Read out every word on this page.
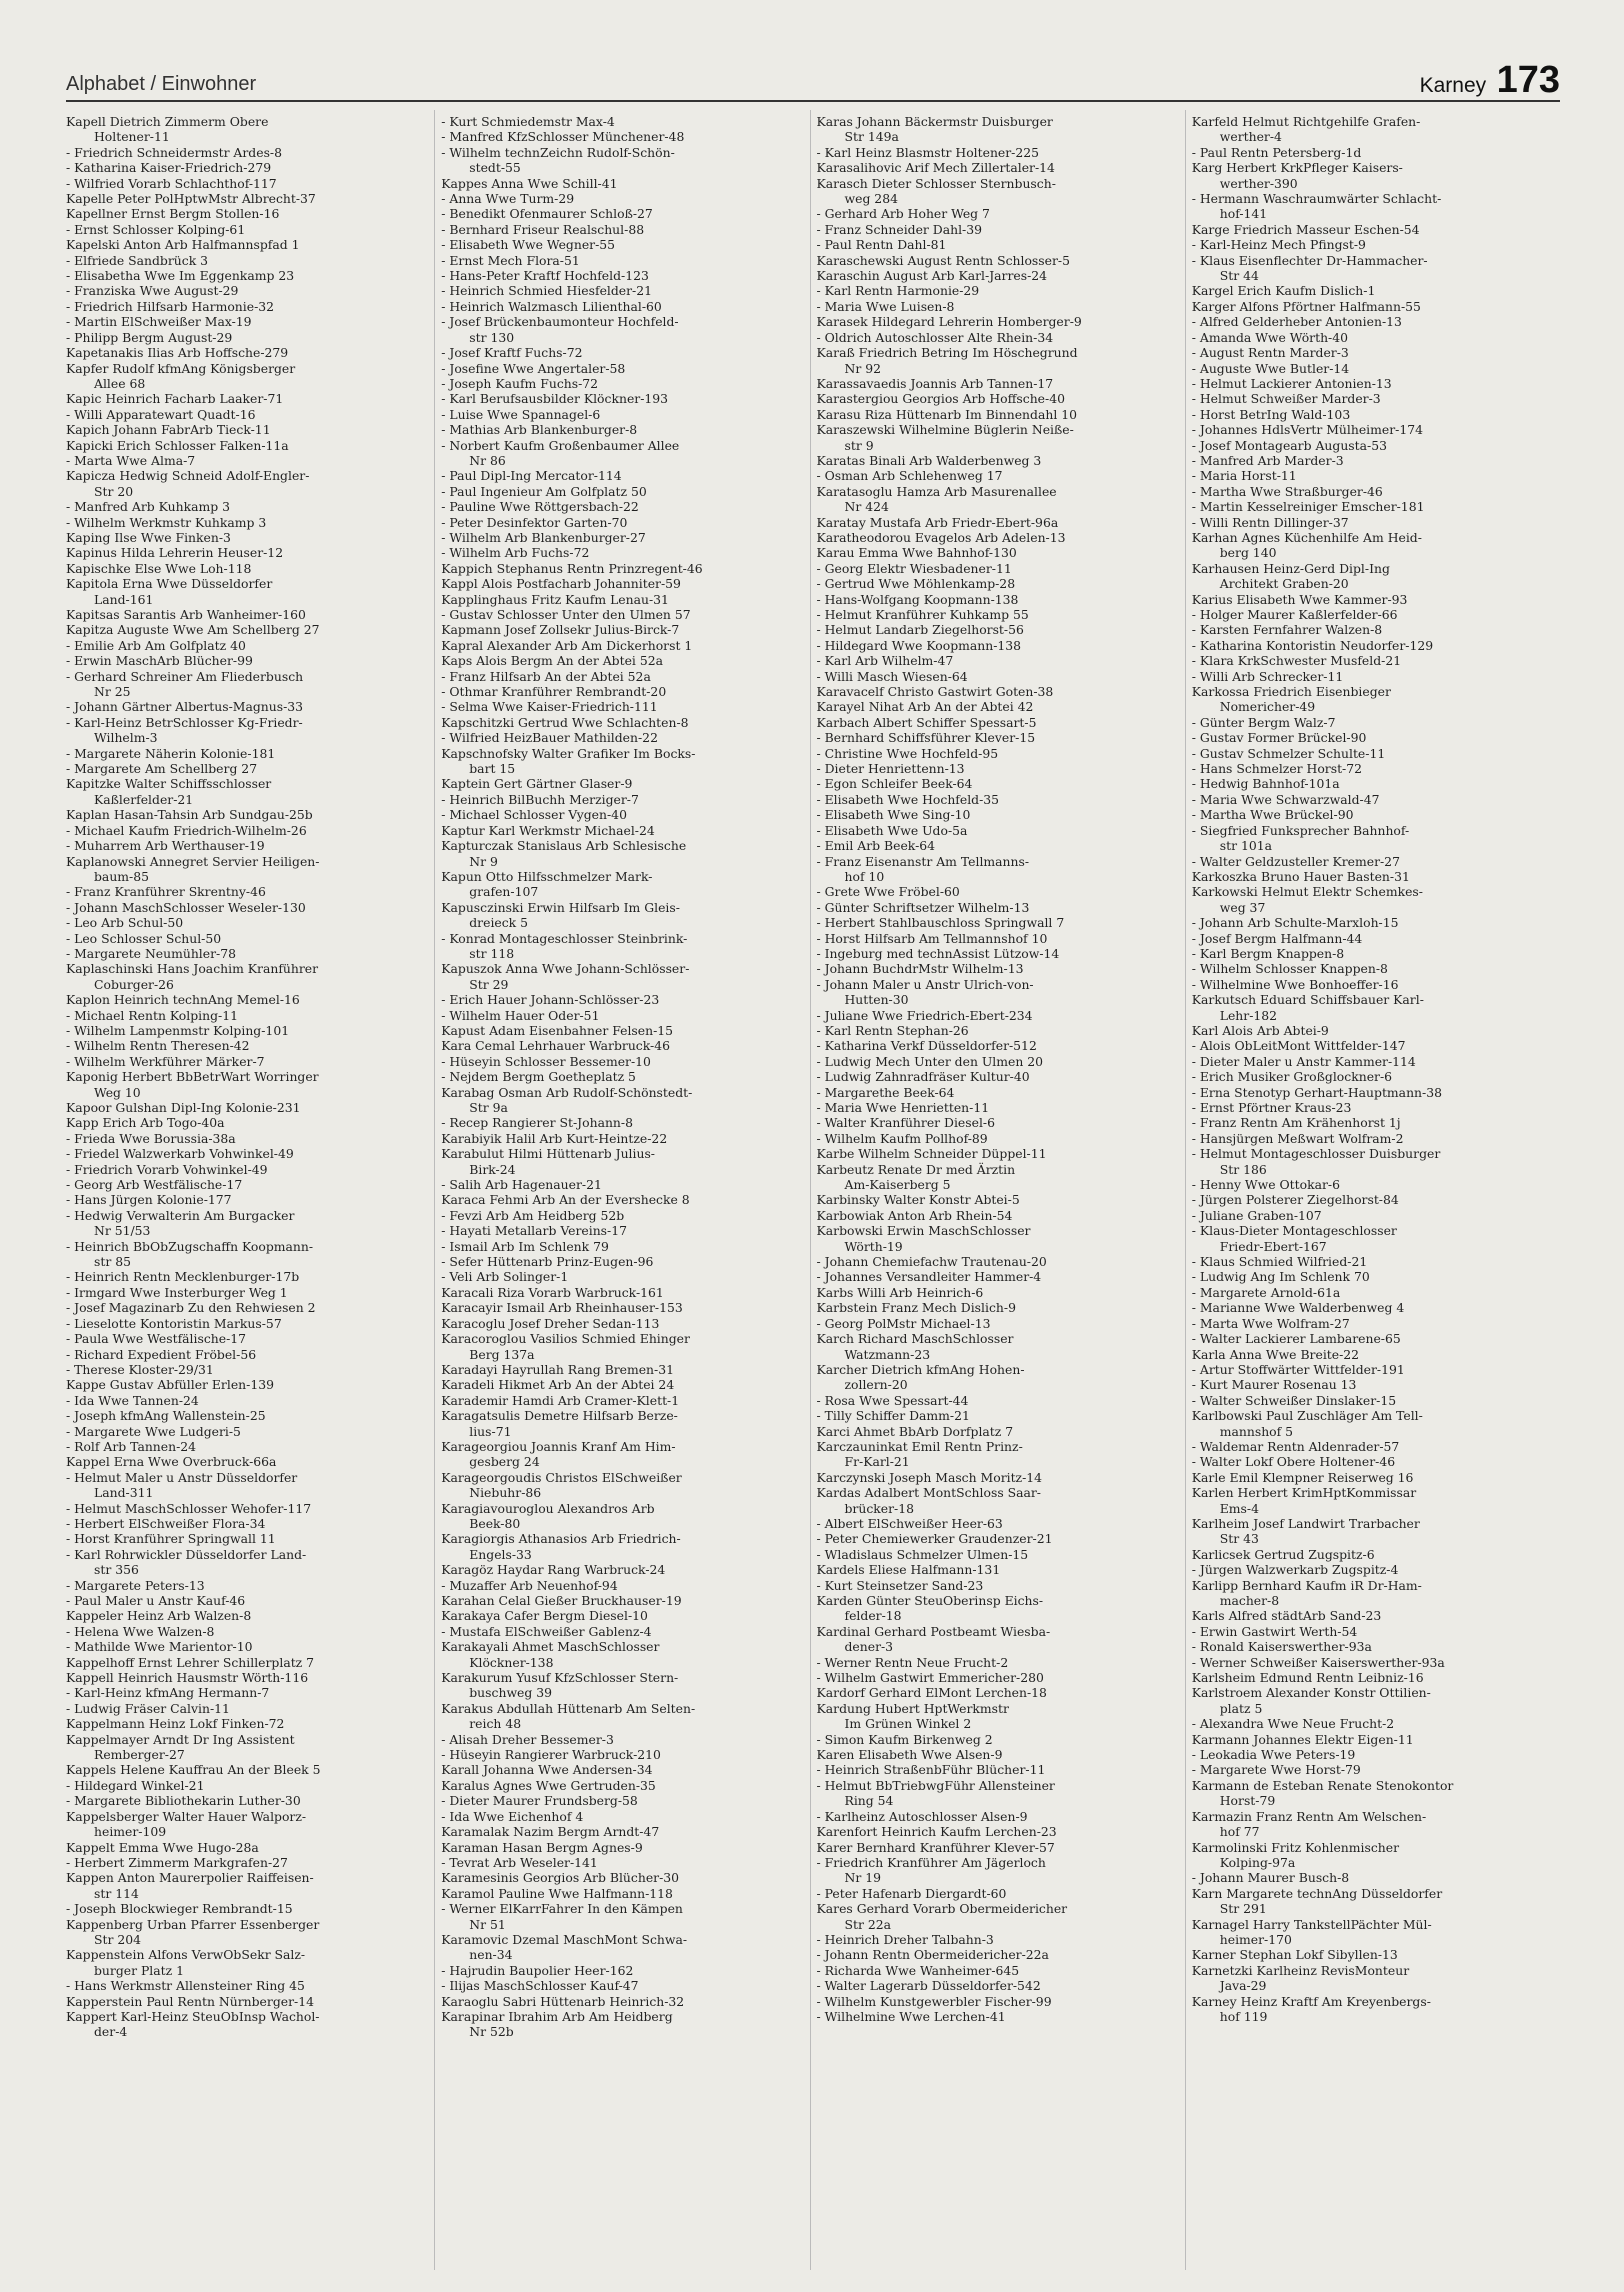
Alphabet / Einwohner	Karney 173
Kapell Dietrich Zimmerm Obere
Holtener-11
- Friedrich Schneidermstr Ardes-8
- Katharina Kaiser-Friedrich-279
- Wilfried Vorarb Schlachthof-117
Kapelle Peter PolHptwMstr Albrecht-37
Kapellner Ernst Bergm Stollen-16
- Ernst Schlosser Kolping-61
Kapelski Anton Arb Halfmannspfad 1
- Elfriede Sandbrück 3
- Elisabetha Wwe Im Eggenkamp 23
- Franziska Wwe August-29
- Friedrich Hilfsarb Harmonie-32
- Martin ElSchweißer Max-19
- Philipp Bergm August-29
Kapetanakis Ilias Arb Hoffsche-279
Kapfer Rudolf kfmAng Königsberger
Allee 68
Kapic Heinrich Facharb Laaker-71
- Willi Apparatewart Quadt-16
Kapich Johann FabrArb Tieck-11
Kapicki Erich Schlosser Falken-11a
- Marta Wwe Alma-7
Kapicza Hedwig Schneid Adolf-Engler-
Str 20
- Manfred Arb Kuhkamp 3
- Wilhelm Werkmstr Kuhkamp 3
Kaping Ilse Wwe Finken-3
Kapinus Hilda Lehrerin Heuser-12
Kapischke Else Wwe Loh-118
Kapitola Erna Wwe Düsseldorfer
Land-161
Kapitsas Sarantis Arb Wanheimer-160
Kapitza Auguste Wwe Am Schellberg 27
- Emilie Arb Am Golfplatz 40
- Erwin MaschArb Blücher-99
- Gerhard Schreiner Am Fliederbusch
Nr 25
- Johann Gärtner Albertus-Magnus-33
- Karl-Heinz BetrSchlosser Kg-Friedr-
Wilhelm-3
- Margarete Näherin Kolonie-181
- Margarete Am Schellberg 27
Kapitzke Walter Schiffsschlosser
Kaßlerfelder-21
Kaplan Hasan-Tahsin Arb Sundgau-25b
- Michael Kaufm Friedrich-Wilhelm-26
- Muharrem Arb Werthauser-19
Kaplanowski Annegret Servier Heiligen-
baum-85
- Franz Kranführer Skrentny-46
- Johann MaschSchlosser Weseler-130
- Leo Arb Schul-50
- Leo Schlosser Schul-50
- Margarete Neumühler-78
Kaplaschinski Hans Joachim Kranführer
Coburger-26
Kaplon Heinrich technAng Memel-16
- Michael Rentn Kolping-11
- Wilhelm Lampenmstr Kolping-101
- Wilhelm Rentn Theresen-42
- Wilhelm Werkführer Märker-7
Kaponig Herbert BbBetrWart Worringer
Weg 10
Kapoor Gulshan Dipl-Ing Kolonie-231
Kapp Erich Arb Togo-40a
- Frieda Wwe Borussia-38a
- Friedel Walzwerkarb Vohwinkel-49
- Friedrich Vorarb Vohwinkel-49
- Georg Arb Westfälische-17
- Hans Jürgen Kolonie-177
- Hedwig Verwalterin Am Burgacker
Nr 51/53
- Heinrich BbObZugschaffn Koopmann-
str 85
- Heinrich Rentn Mecklenburger-17b
- Irmgard Wwe Insterburger Weg 1
- Josef Magazinarb Zu den Rehwiesen 2
- Lieselotte Kontoristin Markus-57
- Paula Wwe Westfälische-17
- Richard Expedient Fröbel-56
- Therese Kloster-29/31
Kappe Gustav Abfüller Erlen-139
- Ida Wwe Tannen-24
- Joseph kfmAng Wallenstein-25
- Margarete Wwe Ludgeri-5
- Rolf Arb Tannen-24
Kappel Erna Wwe Overbruck-66a
- Helmut Maler u Anstr Düsseldorfer
Land-311
- Helmut MaschSchlosser Wehofer-117
- Herbert ElSchweißer Flora-34
- Horst Kranführer Springwall 11
- Karl Rohrwickler Düsseldorfer Land-
str 356
- Margarete Peters-13
- Paul Maler u Anstr Kauf-46
Kappeler Heinz Arb Walzen-8
- Helena Wwe Walzen-8
- Mathilde Wwe Marientor-10
Kappelhoff Ernst Lehrer Schillerplatz 7
Kappell Heinrich Hausmstr Wörth-116
- Karl-Heinz kfmAng Hermann-7
- Ludwig Fräser Calvin-11
Kappelmann Heinz Lokf Finken-72
Kappelmayer Arndt Dr Ing Assistent
Remberger-27
Kappels Helene Kauffrau An der Bleek 5
- Hildegard Winkel-21
- Margarete Bibliothekarin Luther-30
Kappelsberger Walter Hauer Walporz-
heimer-109
Kappelt Emma Wwe Hugo-28a
- Herbert Zimmerm Markgrafen-27
Kappen Anton Maurerpolier Raiffeisen-
str 114
- Joseph Blockwieger Rembrandt-15
Kappenberg Urban Pfarrer Essenberger
Str 204
Kappenstein Alfons VerwObSekr Salz-
burger Platz 1
- Hans Werkmstr Allensteiner Ring 45
Kapperstein Paul Rentn Nürnberger-14
Kappert Karl-Heinz SteuObInsp Wachol-
der-4
- Kurt Schmiedemstr Max-4
- Manfred KfzSchlosser Münchener-48
- Wilhelm technZeichn Rudolf-Schön-
stedt-55
Kappes Anna Wwe Schill-41
- Anna Wwe Turm-29
- Benedikt Ofenmaurer Schloß-27
- Bernhard Friseur Realschul-88
- Elisabeth Wwe Wegner-55
- Ernst Mech Flora-51
- Hans-Peter Kraftf Hochfeld-123
- Heinrich Schmied Hiesfelder-21
- Heinrich Walzmasch Lilienthal-60
- Josef Brückenbaumonteur Hochfeld-
str 130
- Josef Kraftf Fuchs-72
- Josefine Wwe Angertaler-58
- Joseph Kaufm Fuchs-72
- Karl Berufsausbilder Klöckner-193
- Luise Wwe Spannagel-6
- Mathias Arb Blankenburger-8
- Norbert Kaufm Großenbaumer Allee
Nr 86
- Paul Dipl-Ing Mercator-114
- Paul Ingenieur Am Golfplatz 50
- Pauline Wwe Röttgersbach-22
- Peter Desinfektor Garten-70
- Wilhelm Arb Blankenburger-27
- Wilhelm Arb Fuchs-72
Kappich Stephanus Rentn Prinzregent-46
Kappl Alois Postfacharb Johanniter-59
Kapplinghaus Fritz Kaufm Lenau-31
- Gustav Schlosser Unter den Ulmen 57
Kapmann Josef Zollsekr Julius-Birck-7
Kapral Alexander Arb Am Dickerhorst 1
Kaps Alois Bergm An der Abtei 52a
- Franz Hilfsarb An der Abtei 52a
- Othmar Kranführer Rembrandt-20
- Selma Wwe Kaiser-Friedrich-111
Kapschitzki Gertrud Wwe Schlachten-8
- Wilfried HeizBauer Mathilden-22
Kapschnofsky Walter Grafiker Im Bocks-
bart 15
Kaptein Gert Gärtner Glaser-9
- Heinrich BilBuchh Merziger-7
- Michael Schlosser Vygen-40
Kaptur Karl Werkmstr Michael-24
Kapturczak Stanislaus Arb Schlesische
Nr 9
Kapun Otto Hilfsschmelzer Mark-
grafen-107
Kapusczinski Erwin Hilfsarb Im Gleis-
dreieck 5
- Konrad Montageschlosser Steinbrink-
str 118
Kapuszok Anna Wwe Johann-Schlösser-
Str 29
- Erich Hauer Johann-Schlösser-23
- Wilhelm Hauer Oder-51
Kapust Adam Eisenbahner Felsen-15
Kara Cemal Lehrhauer Warbruck-46
- Hüseyin Schlosser Bessemer-10
- Nejdem Bergm Goetheplatz 5
Karabag Osman Arb Rudolf-Schönstedt-
Str 9a
- Recep Rangierer St-Johann-8
Karabiyik Halil Arb Kurt-Heintze-22
Karabulut Hilmi Hüttenarb Julius-
Birk-24
- Salih Arb Hagenauer-21
Karaca Fehmi Arb An der Evershecke 8
- Fevzi Arb Am Heidberg 52b
- Hayati Metallarb Vereins-17
- Ismail Arb Im Schlenk 79
- Sefer Hüttenarb Prinz-Eugen-96
- Veli Arb Solinger-1
Karacali Riza Vorarb Warbruck-161
Karacayir Ismail Arb Rheinhauser-153
Karacoglu Josef Dreher Sedan-113
Karacoroglou Vasilios Schmied Ehinger
Berg 137a
Karadayi Hayrullah Rang Bremen-31
Karadeli Hikmet Arb An der Abtei 24
Karademir Hamdi Arb Cramer-Klett-1
Karagatsulis Demetre Hilfsarb Berze-
lius-71
Karageorgiou Joannis Kranf Am Him-
gesberg 24
Karageorgoudis Christos ElSchweißer
Niebuhr-86
Karagiavouroglou Alexandros Arb
Beek-80
Karagiorgis Athanasios Arb Friedrich-
Engels-33
Karagöz Haydar Rang Warbruck-24
- Muzaffer Arb Neuenhof-94
Karahan Celal Gießer Bruckhauser-19
Karakaya Cafer Bergm Diesel-10
- Mustafa ElSchweißer Gablenz-4
Karakayali Ahmet MaschSchlosser
Klöckner-138
Karakurum Yusuf KfzSchlosser Stern-
buschweg 39
Karakus Abdullah Hüttenarb Am Selten-
reich 48
- Alisah Dreher Bessemer-3
- Hüseyin Rangierer Warbruck-210
Karall Johanna Wwe Andersen-34
Karalus Agnes Wwe Gertruden-35
- Dieter Maurer Frundsberg-58
- Ida Wwe Eichenhof 4
Karamalak Nazim Bergm Arndt-47
Karaman Hasan Bergm Agnes-9
- Tevrat Arb Weseler-141
Karamesinis Georgios Arb Blücher-30
Karamol Pauline Wwe Halfmann-118
- Werner ElKarrFahrer In den Kämpen
Nr 51
Karamovic Dzemal MaschMont Schwa-
nen-34
- Hajrudin Baupolier Heer-162
- Ilijas MaschSchlosser Kauf-47
Karaoglu Sabri Hüttenarb Heinrich-32
Karapinar Ibrahim Arb Am Heidberg
Nr 52b
Karas Johann Bäckermstr Duisburger
Str 149a
- Karl Heinz Blasmstr Holtener-225
Karasalihovic Arif Mech Zillertaler-14
Karasch Dieter Schlosser Sternbusch-
weg 284
- Gerhard Arb Hoher Weg 7
- Franz Schneider Dahl-39
- Paul Rentn Dahl-81
Karaschewski August Rentn Schlosser-5
Karaschin August Arb Karl-Jarres-24
- Karl Rentn Harmonie-29
- Maria Wwe Luisen-8
Karasek Hildegard Lehrerin Homberger-9
- Oldrich Autoschlosser Alte Rhein-34
Karaß Friedrich Betring Im Höschegrund
Nr 92
Karassavaedis Joannis Arb Tannen-17
Karastergiou Georgios Arb Hoffsche-40
Karasu Riza Hüttenarb Im Binnendahl 10
Karaszewski Wilhelmine Büglerin Neiße-
str 9
Karatas Binali Arb Walderbenweg 3
- Osman Arb Schlehenweg 17
Karatasoglu Hamza Arb Masurenallee
Nr 424
Karatay Mustafa Arb Friedr-Ebert-96a
Karatheodorou Evagelos Arb Adelen-13
Karau Emma Wwe Bahnhof-130
- Georg Elektr Wiesbadener-11
- Gertrud Wwe Möhlenkamp-28
- Hans-Wolfgang Koopmann-138
- Helmut Kranführer Kuhkamp 55
- Helmut Landarb Ziegelhorst-56
- Hildegard Wwe Koopmann-138
- Karl Arb Wilhelm-47
- Willi Masch Wiesen-64
Karavacelf Christo Gastwirt Goten-38
Karayel Nihat Arb An der Abtei 42
Karbach Albert Schiffer Spessart-5
- Bernhard Schiffsführer Klever-15
- Christine Wwe Hochfeld-95
- Dieter Henriettenn-13
- Egon Schleifer Beek-64
- Elisabeth Wwe Hochfeld-35
- Elisabeth Wwe Sing-10
- Elisabeth Wwe Udo-5a
- Emil Arb Beek-64
- Franz Eisenanstr Am Tellmanns-
hof 10
- Grete Wwe Fröbel-60
- Günter Schriftsetzer Wilhelm-13
- Herbert Stahlbauschloss Springwall 7
- Horst Hilfsarb Am Tellmannshof 10
- Ingeburg med technAssist Lützow-14
- Johann BuchdrMstr Wilhelm-13
- Johann Maler u Anstr Ulrich-von-
Hutten-30
- Juliane Wwe Friedrich-Ebert-234
- Karl Rentn Stephan-26
- Katharina Verkf Düsseldorfer-512
- Ludwig Mech Unter den Ulmen 20
- Ludwig Zahnradfräser Kultur-40
- Margarethe Beek-64
- Maria Wwe Henrietten-11
- Walter Kranführer Diesel-6
- Wilhelm Kaufm Pollhof-89
Karbe Wilhelm Schneider Düppel-11
Karbeutz Renate Dr med Ärztin
Am-Kaiserberg 5
Karbinsky Walter Konstr Abtei-5
Karbowiak Anton Arb Rhein-54
Karbowski Erwin MaschSchlosser
Wörth-19
- Johann Chemiefachw Trautenau-20
- Johannes Versandleiter Hammer-4
Karbs Willi Arb Heinrich-6
Karbstein Franz Mech Dislich-9
- Georg PolMstr Michael-13
Karch Richard MaschSchlosser
Watzmann-23
Karcher Dietrich kfmAng Hohen-
zollern-20
- Rosa Wwe Spessart-44
- Tilly Schiffer Damm-21
Karci Ahmet BbArb Dorfplatz 7
Karczauninkat Emil Rentn Prinz-
Fr-Karl-21
Karczynski Joseph Masch Moritz-14
Kardas Adalbert MontSchloss Saar-
brücker-18
- Albert ElSchweißer Heer-63
- Peter Chemiewerker Graudenzer-21
- Wladislaus Schmelzer Ulmen-15
Kardels Eliese Halfmann-131
- Kurt Steinsetzer Sand-23
Karden Günter SteuOberinsp Eichs-
felder-18
Kardinal Gerhard Postbeamt Wiesba-
dener-3
- Werner Rentn Neue Frucht-2
- Wilhelm Gastwirt Emmericher-280
Kardorf Gerhard ElMont Lerchen-18
Kardung Hubert HptWerkmstr
Im Grünen Winkel 2
- Simon Kaufm Birkenweg 2
Karen Elisabeth Wwe Alsen-9
- Heinrich StraßenbFühr Blücher-11
- Helmut BbTriebwgFühr Allensteiner
Ring 54
- Karlheinz Autoschlosser Alsen-9
Karenfort Heinrich Kaufm Lerchen-23
Karer Bernhard Kranführer Klever-57
- Friedrich Kranführer Am Jägerloch
Nr 19
- Peter Hafenarb Diergardt-60
Kares Gerhard Vorarb Obermeidericher
Str 22a
- Heinrich Dreher Talbahn-3
- Johann Rentn Obermeidericher-22a
- Richarda Wwe Wanheimer-645
- Walter Lagerarb Düsseldorfer-542
- Wilhelm Kunstgewerbler Fischer-99
- Wilhelmine Wwe Lerchen-41
Karfeld Helmut Richtgehilfe Grafen-
werther-4
- Paul Rentn Petersberg-1d
Karg Herbert KrkPfleger Kaisers-
werther-390
- Hermann Waschraumwärter Schlacht-
hof-141
Karge Friedrich Masseur Eschen-54
- Karl-Heinz Mech Pfingst-9
- Klaus Eisenflechter Dr-Hammacher-
Str 44
Kargel Erich Kaufm Dislich-1
Karger Alfons Pförtner Halfmann-55
- Alfred Gelderheber Antonien-13
- Amanda Wwe Wörth-40
- August Rentn Marder-3
- Auguste Wwe Butler-14
- Helmut Lackierer Antonien-13
- Helmut Schweißer Marder-3
- Horst BetrIng Wald-103
- Johannes HdlsVertr Mülheimer-174
- Josef Montagearb Augusta-53
- Manfred Arb Marder-3
- Maria Horst-11
- Martha Wwe Straßburger-46
- Martin Kesselreiniger Emscher-181
- Willi Rentn Dillinger-37
Karhan Agnes Küchenhilfe Am Heid-
berg 140
Karhausen Heinz-Gerd Dipl-Ing
Architekt Graben-20
Karius Elisabeth Wwe Kammer-93
- Holger Maurer Kaßlerfelder-66
- Karsten Fernfahrer Walzen-8
- Katharina Kontoristin Neudorfer-129
- Klara KrkSchwester Musfeld-21
- Willi Arb Schrecker-11
Karkossa Friedrich Eisenbieger
Nomericher-49
- Günter Bergm Walz-7
- Gustav Former Brückel-90
- Gustav Schmelzer Schulte-11
- Hans Schmelzer Horst-72
- Hedwig Bahnhof-101a
- Maria Wwe Schwarzwald-47
- Martha Wwe Brückel-90
- Siegfried Funksprecher Bahnhof-
str 101a
- Walter Geldzusteller Kremer-27
Karkoszka Bruno Hauer Basten-31
Karkowski Helmut Elektr Schemkes-
weg 37
- Johann Arb Schulte-Marxloh-15
- Josef Bergm Halfmann-44
- Karl Bergm Knappen-8
- Wilhelm Schlosser Knappen-8
- Wilhelmine Wwe Bonhoeffer-16
Karkutsch Eduard Schiffsbauer Karl-
Lehr-182
Karl Alois Arb Abtei-9
- Alois ObLeitMont Wittfelder-147
- Dieter Maler u Anstr Kammer-114
- Erich Musiker Großglockner-6
- Erna Stenotyp Gerhart-Hauptmann-38
- Ernst Pförtner Kraus-23
- Franz Rentn Am Krähenhorst 1j
- Hansjürgen Meßwart Wolfram-2
- Helmut Montageschlosser Duisburger
Str 186
- Henny Wwe Ottokar-6
- Jürgen Polsterer Ziegelhorst-84
- Juliane Graben-107
- Klaus-Dieter Montageschlosser
Friedr-Ebert-167
- Klaus Schmied Wilfried-21
- Ludwig Ang Im Schlenk 70
- Margarete Arnold-61a
- Marianne Wwe Walderbenweg 4
- Marta Wwe Wolfram-27
- Walter Lackierer Lambarene-65
Karla Anna Wwe Breite-22
- Artur Stoffwärter Wittfelder-191
- Kurt Maurer Rosenau 13
- Walter Schweißer Dinslaker-15
Karlbowski Paul Zuschläger Am Tell-
mannshof 5
- Waldemar Rentn Aldenrader-57
- Walter Lokf Obere Holtener-46
Karle Emil Klempner Reiserweg 16
Karlen Herbert KrimHptKommissar
Ems-4
Karlheim Josef Landwirt Trarbacher
Str 43
Karlicsek Gertrud Zugspitz-6
- Jürgen Walzwerkarb Zugspitz-4
Karlipp Bernhard Kaufm iR Dr-Ham-
macher-8
Karls Alfred städtArb Sand-23
- Erwin Gastwirt Werth-54
- Ronald Kaiserswerther-93a
- Werner Schweißer Kaiserswerther-93a
Karlsheim Edmund Rentn Leibniz-16
Karlstroem Alexander Konstr Ottilien-
platz 5
- Alexandra Wwe Neue Frucht-2
Karmann Johannes Elektr Eigen-11
- Leokadia Wwe Peters-19
- Margarete Wwe Horst-79
Karmann de Esteban Renate Stenokontor
Horst-79
Karmazin Franz Rentn Am Welschen-
hof 77
Karmolinski Fritz Kohlenmischer
Kolping-97a
- Johann Maurer Busch-8
Karn Margarete technAng Düsseldorfer
Str 291
Karnagel Harry TankstellPächter Mül-
heimer-170
Karner Stephan Lokf Sibyllen-13
Karnetzki Karlheinz RevisMonteur
Java-29
Karney Heinz Kraftf Am Kreyenbergs-
hof 119
